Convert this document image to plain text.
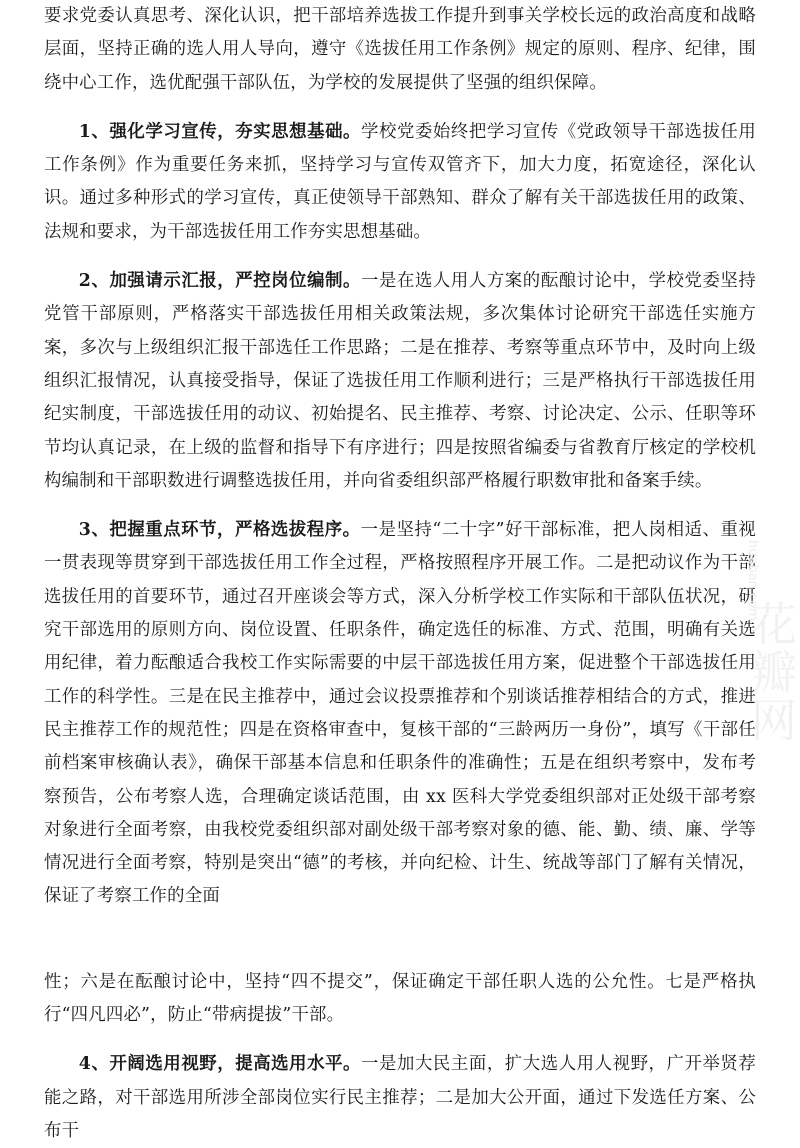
要求党委认真思考、深化认识，把干部培养选拔工作提升到事关学校长远的政治高度和战略层面，坚持正确的选人用人导向，遵守《选拔任用工作条例》规定的原则、程序、纪律，围绕中心工作，选优配强干部队伍，为学校的发展提供了坚强的组织保障。

1、强化学习宣传，夯实思想基础。学校党委始终把学习宣传《党政领导干部选拔任用工作条例》作为重要任务来抓，坚持学习与宣传双管齐下，加大力度，拓宽途径，深化认识。通过多种形式的学习宣传，真正使领导干部熟知、群众了解有关干部选拔任用的政策、法规和要求，为干部选拔任用工作夯实思想基础。

2、加强请示汇报，严控岗位编制。一是在选人用人方案的酝酿讨论中，学校党委坚持党管干部原则，严格落实干部选拔任用相关政策法规，多次集体讨论研究干部选任实施方案，多次与上级组织汇报干部选任工作思路；二是在推荐、考察等重点环节中，及时向上级组织汇报情况，认真接受指导，保证了选拔任用工作顺利进行；三是严格执行干部选拔任用纪实制度，干部选拔任用的动议、初始提名、民主推荐、考察、讨论决定、公示、任职等环节均认真记录，在上级的监督和指导下有序进行；四是按照省编委与省教育厅核定的学校机构编制和干部职数进行调整选拔任用，并向省委组织部严格履行职数审批和备案手续。

3、把握重点环节，严格选拔程序。一是坚持“二十字”好干部标准，把人岗相适、重视一贯表现等贯穿到干部选拔任用工作全过程，严格按照程序开展工作。二是把动议作为干部选拔任用的首要环节，通过召开座谈会等方式，深入分析学校工作实际和干部队伍状况，研究干部选用的原则方向、岗位设置、任职条件，确定选任的标准、方式、范围，明确有关选用纪律，着力酝酿适合我校工作实际需要的中层干部选拔任用方案，促进整个干部选拔任用工作的科学性。三是在民主推荐中，通过会议投票推荐和个别谈话推荐相结合的方式，推进民主推荐工作的规范性；四是在资格审查中，复核干部的“三龄两历一身份”，填写《干部任前档案审核确认表》，确保干部基本信息和任职条件的准确性；五是在组织考察中，发布考察预告，公布考察人选，合理确定谈话范围，由 xx 医科大学党委组织部对正处级干部考察对象进行全面考察，由我校党委组织部对副处级干部考察对象的德、能、勤、绩、廉、学等情况进行全面考察，特别是突出“德”的考核，并向纪检、计生、统战等部门了解有关情况，保证了考察工作的全面

性；六是在酝酿讨论中，坚持“四不提交”，保证确定干部任职人选的公允性。七是严格执行“四凡四必”，防止“带病提拔”干部。

4、开阔选用视野，提高选用水平。一是加大民主面，扩大选人用人视野，广开举贤荐能之路，对干部选用所涉全部岗位实行民主推荐；二是加大公开面，通过下发选任方案、公布干

花瓣网
huaban.com
